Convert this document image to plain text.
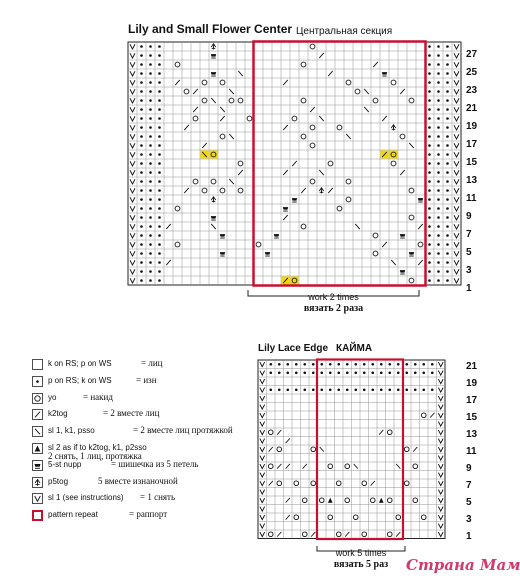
Lily and Small Flower Center Центральная секция
27
25
23
21
19
17
15
13
11
9
7
5
3
1
work 2 times
вязать 2 раза
k on RS; p on WS	= лиц
p on RS; k on WS	= изн
yo	= накид
k2tog	= 2 вместе лиц
sl 1, k1, psso	= 2 вместе лиц протяжкой
sl 2 as if to k2tog, k1, p2sso
2 снять, 1 лиц, протяжка
5-st nupp	= шишечка из 5 петель
p5tog	5 вместе изнаночной
sl 1 (see instructions) = 1 снять
pattern repeat	= раппорт
Lily Lace Edge КАЙМА
21
19
17
15
13
11
9
7
5
3
1
work 5 times
вязать 5 раз	Страна Мам
